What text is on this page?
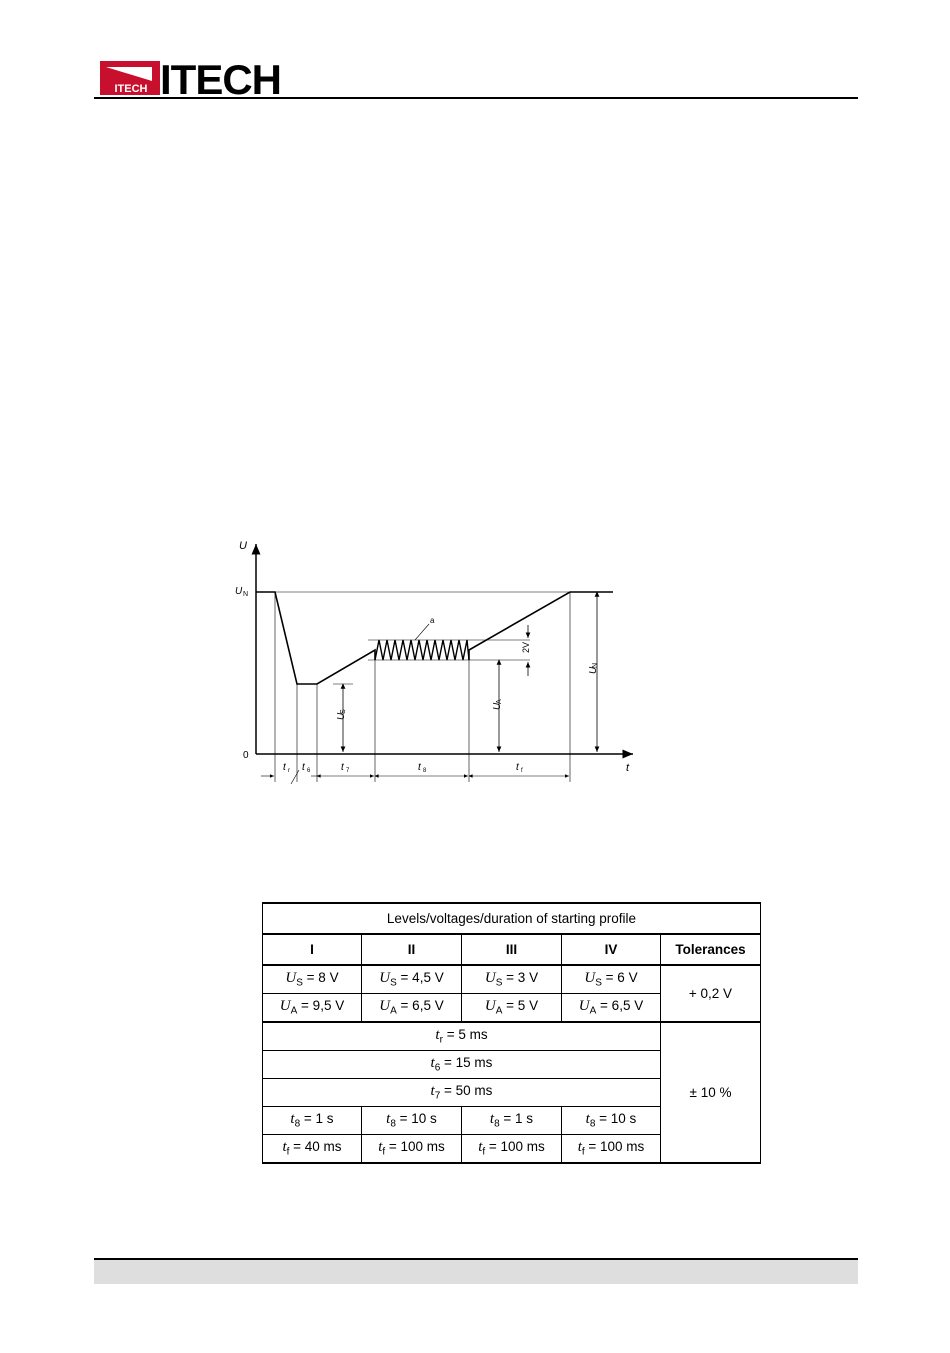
ITECH ITECH
U
t
0
U N
U
S
U
A
2V
a
U
N
t r t 6	t 7	t 8	t f
Levels/voltages/duration of starting profile				
I	II	III	IV	Tolerances
$U_S = 8$ V	$U_S = 4,5$ V	$U_S = 3$ V	$U_S = 6$ V	+ 0,2 V
$U_A = 9,5$ V	$U_A = 6,5$ V	$U_A = 5$ V	$U_A = 6,5$ V	
$t_r = 5$ ms				± 10 %
$t_6 = 15$ ms				
$t_7 = 50$ ms				
$t_8 = 1$ s	$t_8 = 10$ s	$t_8 = 1$ s	$t_8 = 10$ s	
$t_f = 40$ ms	$t_f = 100$ ms	$t_f = 100$ ms	$t_f = 100$ ms	
